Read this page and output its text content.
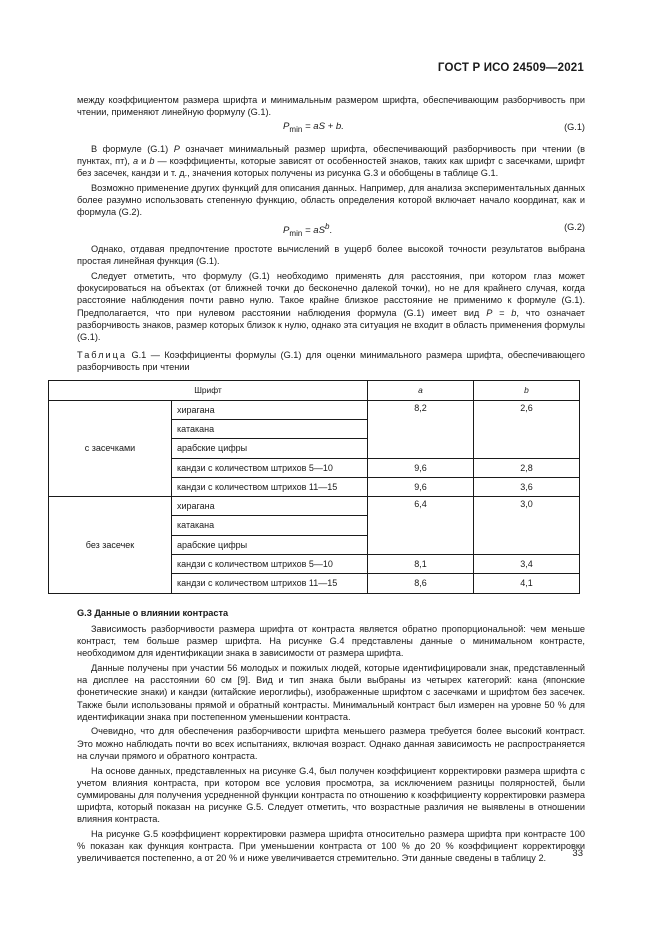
ГОСТ Р ИСО 24509—2021

между коэффициентом размера шрифта и минимальным размером шрифта, обеспечивающим разборчивость при чтении, применяют линейную формулу (G.1).

$P_{min}$ = aS + b.	(G.1)

В формуле (G.1) P означает минимальный размер шрифта, обеспечивающий разборчивость при чтении (в пунктах, пт), a и b — коэффициенты, которые зависят от особенностей знаков, таких как шрифт с засечками, шрифт без засечек, кандзи и т. д., значения которых получены из рисунка G.3 и обобщены в таблице G.1.

Возможно применение других функций для описания данных. Например, для анализа экспериментальных данных более разумно использовать степенную функцию, область определения которой включает начало координат, как и формула (G.2).

$P_{min} = aS^b$.	(G.2)

Однако, отдавая предпочтение простоте вычислений в ущерб более высокой точности результатов выбрана простая линейная функция (G.1).

Следует отметить, что формулу (G.1) необходимо применять для расстояния, при котором глаз может фокусироваться на объектах (от ближней точки до бесконечно далекой точки), но не для крайнего случая, когда расстояние наблюдения почти равно нулю. Такое крайне близкое расстояние не применимо к формуле (G.1). Предполагается, что при нулевом расстоянии наблюдения формула (G.1) имеет вид P = b, что означает разборчивость знаков, размер которых близок к нулю, однако эта ситуация не входит в область применения формулы (G.1).

Таблица G.1 — Коэффициенты формулы (G.1) для оценки минимального размера шрифта, обеспечивающего разборчивость при чтении

Шрифт		a	b
с засечками	хирагана	8,2	2,6
	катакана		
	арабские цифры		
	кандзи с количеством штрихов 5—10	9,6	2,8
	кандзи с количеством штрихов 11—15	9,6	3,6
без засечек	хирагана	6,4	3,0
	катакана		
	арабские цифры		
	кандзи с количеством штрихов 5—10	8,1	3,4
	кандзи с количеством штрихов 11—15	8,6	4,1
G.3 Данные о влиянии контраста

Зависимость разборчивости размера шрифта от контраста является обратно пропорциональной: чем меньше контраст, тем больше размер шрифта. На рисунке G.4 представлены данные о минимальном контрасте, необходимом для идентификации знака в зависимости от размера шрифта.

Данные получены при участии 56 молодых и пожилых людей, которые идентифицировали знак, представленный на дисплее на расстоянии 60 см [9]. Вид и тип знака были выбраны из четырех категорий: кана (японские фонетические знаки) и кандзи (китайские иероглифы), изображенные шрифтом с засечками и шрифтом без засечек. Также были использованы прямой и обратный контрасты. Минимальный контраст был измерен на уровне 50 % для идентификации знака при постепенном уменьшении контраста.

Очевидно, что для обеспечения разборчивости шрифта меньшего размера требуется более высокий контраст. Это можно наблюдать почти во всех испытаниях, включая возраст. Однако данная зависимость не распространяется на случаи прямого и обратного контраста.

На основе данных, представленных на рисунке G.4, был получен коэффициент корректировки размера шрифта с учетом влияния контраста, при котором все условия просмотра, за исключением разницы полярностей, были суммированы для получения усредненной функции контраста по отношению к коэффициенту корректировки размера шрифта, который показан на рисунке G.5. Следует отметить, что возрастные различия не выявлены в отношении влияния контраста.

На рисунке G.5 коэффициент корректировки размера шрифта относительно размера шрифта при контрасте 100 % показан как функция контраста. При уменьшении контраста от 100 % до 20 % коэффициент корректировки увеличивается постепенно, а от 20 % и ниже увеличивается стремительно. Эти данные сведены в таблицу 2.	33
